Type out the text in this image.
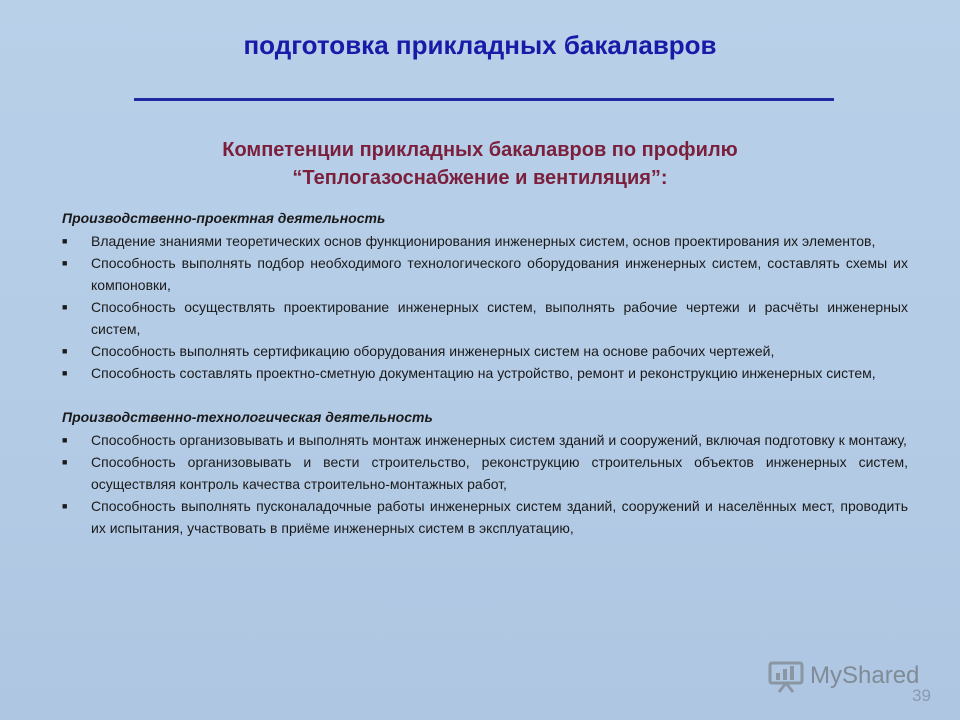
подготовка прикладных бакалавров
Компетенции прикладных бакалавров по профилю
“Теплогазоснабжение и вентиляция”:
Производственно-проектная деятельность
■ Владение знаниями теоретических основ функционирования инженерных систем, основ проектирования их элементов,
■ Способность выполнять подбор необходимого технологического оборудования инженерных систем, составлять схемы их компоновки,
■ Способность осуществлять проектирование инженерных систем, выполнять рабочие чертежи и расчёты инженерных систем,
■ Способность выполнять сертификацию оборудования инженерных систем на основе рабочих чертежей,
■ Способность составлять проектно-сметную документацию на устройство, ремонт и реконструкцию инженерных систем,
Производственно-технологическая деятельность
■ Способность организовывать и выполнять монтаж инженерных систем зданий и сооружений, включая подготовку к монтажу,
■ Способность организовывать и вести строительство, реконструкцию строительных объектов инженерных систем, осуществляя контроль качества строительно-монтажных работ,
■ Способность выполнять пусконаладочные работы инженерных систем зданий, сооружений и населённых мест, проводить их испытания, участвовать в приёме инженерных систем в эксплуатацию,
MyShared
39
